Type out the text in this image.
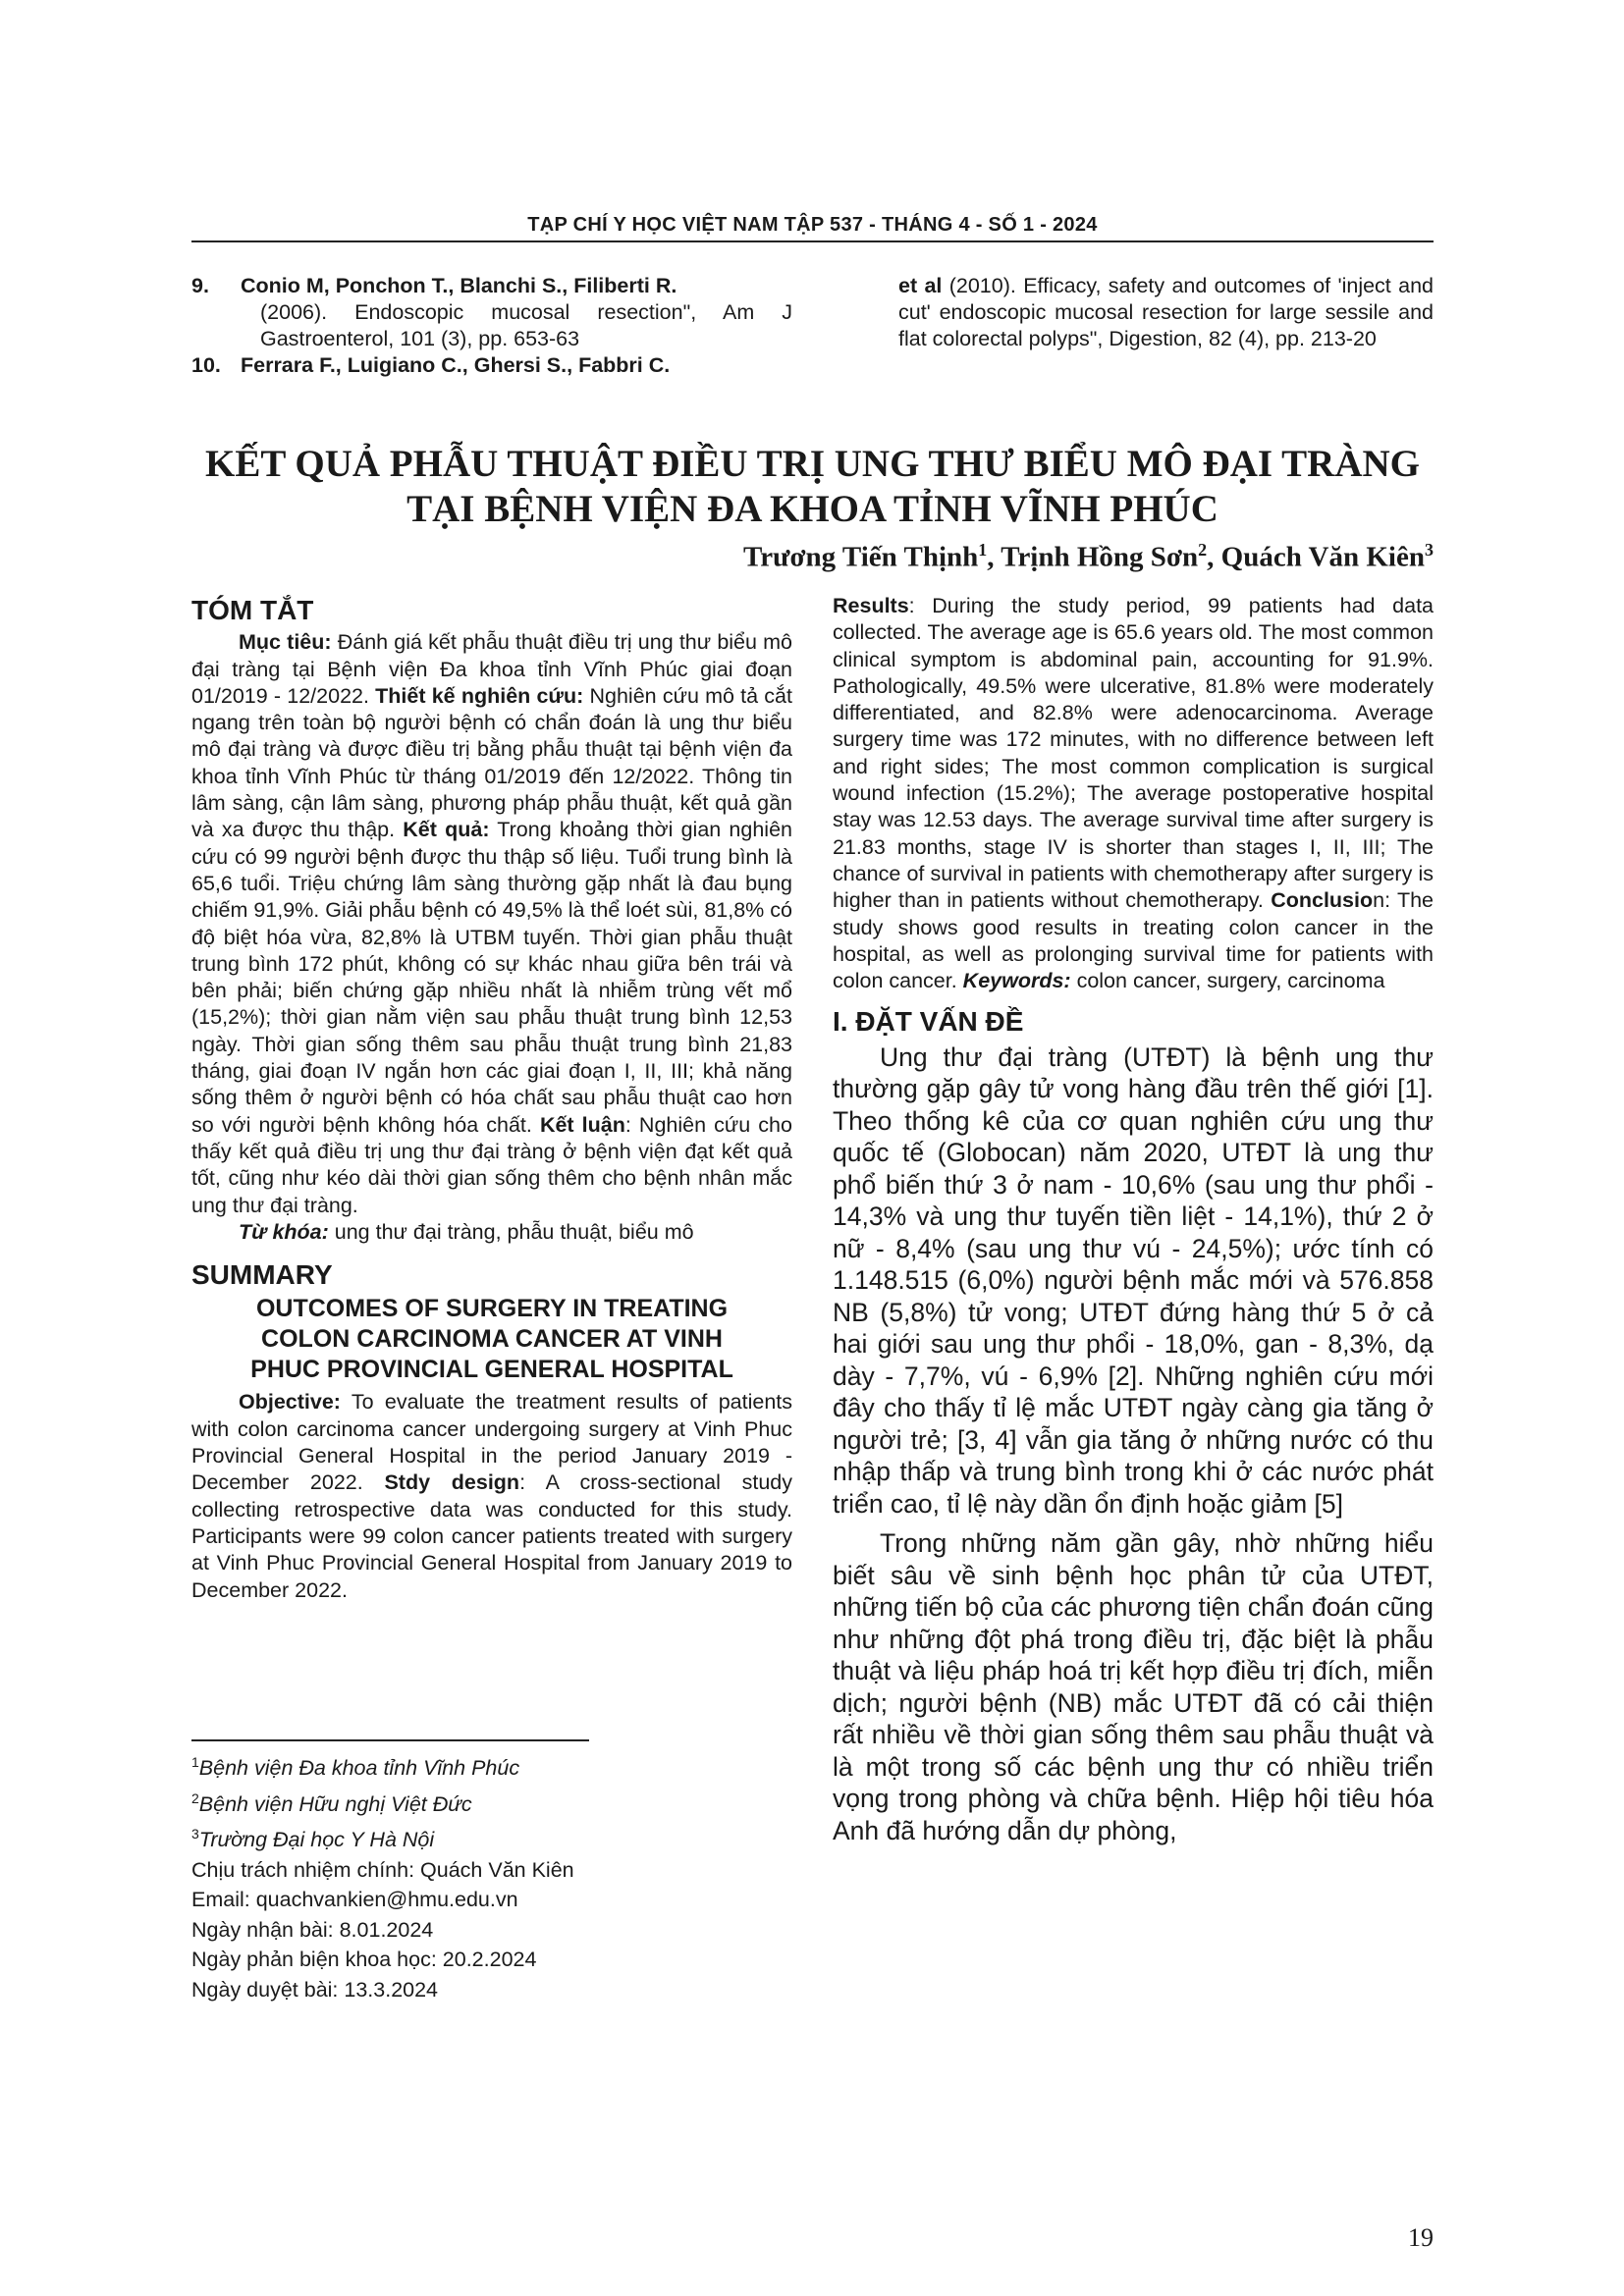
TẠP CHÍ Y HỌC VIỆT NAM TẬP 537 - THÁNG 4 - SỐ 1 - 2024
9. Conio M, Ponchon T., Blanchi S., Filiberti R.
(2006). Endoscopic mucosal resection", Am J Gastroenterol, 101 (3), pp. 653-63
10. Ferrara F., Luigiano C., Ghersi S., Fabbri C.
et al (2010). Efficacy, safety and outcomes of 'inject and cut' endoscopic mucosal resection for large sessile and flat colorectal polyps", Digestion, 82 (4), pp. 213-20
KẾT QUẢ PHẪU THUẬT ĐIỀU TRỊ UNG THƯ BIỂU MÔ ĐẠI TRÀNG
TẠI BỆNH VIỆN ĐA KHOA TỈNH VĨNH PHÚC
Trương Tiến Thịnh$^1$, Trịnh Hồng Sơn$^2$, Quách Văn Kiên$^3$
TÓM TẮT

Mục tiêu: Đánh giá kết phẫu thuật điều trị ung thư biểu mô đại tràng tại Bệnh viện Đa khoa tỉnh Vĩnh Phúc giai đoạn 01/2019 - 12/2022. Thiết kế nghiên cứu: Nghiên cứu mô tả cắt ngang trên toàn bộ người bệnh có chẩn đoán là ung thư biểu mô đại tràng và được điều trị bằng phẫu thuật tại bệnh viện đa khoa tỉnh Vĩnh Phúc từ tháng 01/2019 đến 12/2022. Thông tin lâm sàng, cận lâm sàng, phương pháp phẫu thuật, kết quả gần và xa được thu thập. Kết quả: Trong khoảng thời gian nghiên cứu có 99 người bệnh được thu thập số liệu. Tuổi trung bình là 65,6 tuổi. Triệu chứng lâm sàng thường gặp nhất là đau bụng chiếm 91,9%. Giải phẫu bệnh có 49,5% là thể loét sùi, 81,8% có độ biệt hóa vừa, 82,8% là UTBM tuyến. Thời gian phẫu thuật trung bình 172 phút, không có sự khác nhau giữa bên trái và bên phải; biến chứng gặp nhiều nhất là nhiễm trùng vết mổ (15,2%); thời gian nằm viện sau phẫu thuật trung bình 12,53 ngày. Thời gian sống thêm sau phẫu thuật trung bình 21,83 tháng, giai đoạn IV ngắn hơn các giai đoạn I, II, III; khả năng sống thêm ở người bệnh có hóa chất sau phẫu thuật cao hơn so với người bệnh không hóa chất. Kết luận: Nghiên cứu cho thấy kết quả điều trị ung thư đại tràng ở bệnh viện đạt kết quả tốt, cũng như kéo dài thời gian sống thêm cho bệnh nhân mắc ung thư đại tràng.

Từ khóa: ung thư đại tràng, phẫu thuật, biểu mô

SUMMARY
OUTCOMES OF SURGERY IN TREATING
COLON CARCINOMA CANCER AT VINH
PHUC PROVINCIAL GENERAL HOSPITAL

Objective: To evaluate the treatment results of patients with colon carcinoma cancer undergoing surgery at Vinh Phuc Provincial General Hospital in the period January 2019 - December 2022. Stdy design: A cross-sectional study collecting retrospective data was conducted for this study. Participants were 99 colon cancer patients treated with surgery at Vinh Phuc Provincial General Hospital from January 2019 to December 2022.

$^1$Bệnh viện Đa khoa tỉnh Vĩnh Phúc
$^2$Bệnh viện Hữu nghị Việt Đức
$^3$Trường Đại học Y Hà Nội
Chịu trách nhiệm chính: Quách Văn Kiên
Email: quachvankien@hmu.edu.vn
Ngày nhận bài: 8.01.2024
Ngày phản biện khoa học: 20.2.2024
Ngày duyệt bài: 13.3.2024

Results: During the study period, 99 patients had data collected. The average age is 65.6 years old. The most common clinical symptom is abdominal pain, accounting for 91.9%. Pathologically, 49.5% were ulcerative, 81.8% were moderately differentiated, and 82.8% were adenocarcinoma. Average surgery time was 172 minutes, with no difference between left and right sides; The most common complication is surgical wound infection (15.2%); The average postoperative hospital stay was 12.53 days. The average survival time after surgery is 21.83 months, stage IV is shorter than stages I, II, III; The chance of survival in patients with chemotherapy after surgery is higher than in patients without chemotherapy. Conclusion: The study shows good results in treating colon cancer in the hospital, as well as prolonging survival time for patients with colon cancer. Keywords: colon cancer, surgery, carcinoma

I. ĐẶT VẤN ĐỀ

Ung thư đại tràng (UTĐT) là bệnh ung thư thường gặp gây tử vong hàng đầu trên thế giới [1]. Theo thống kê của cơ quan nghiên cứu ung thư quốc tế (Globocan) năm 2020, UTĐT là ung thư phổ biến thứ 3 ở nam - 10,6% (sau ung thư phổi - 14,3% và ung thư tuyến tiền liệt - 14,1%), thứ 2 ở nữ - 8,4% (sau ung thư vú - 24,5%); ước tính có 1.148.515 (6,0%) người bệnh mắc mới và 576.858 NB (5,8%) tử vong; UTĐT đứng hàng thứ 5 ở cả hai giới sau ung thư phổi - 18,0%, gan - 8,3%, dạ dày - 7,7%, vú - 6,9% [2]. Những nghiên cứu mới đây cho thấy tỉ lệ mắc UTĐT ngày càng gia tăng ở người trẻ; [3, 4] vẫn gia tăng ở những nước có thu nhập thấp và trung bình trong khi ở các nước phát triển cao, tỉ lệ này dần ổn định hoặc giảm [5]

Trong những năm gần gây, nhờ những hiểu biết sâu về sinh bệnh học phân tử của UTĐT, những tiến bộ của các phương tiện chẩn đoán cũng như những đột phá trong điều trị, đặc biệt là phẫu thuật và liệu pháp hoá trị kết hợp điều trị đích, miễn dịch; người bệnh (NB) mắc UTĐT đã có cải thiện rất nhiều về thời gian sống thêm sau phẫu thuật và là một trong số các bệnh ung thư có nhiều triển vọng trong phòng và chữa bệnh. Hiệp hội tiêu hóa Anh đã hướng dẫn dự phòng,

19
